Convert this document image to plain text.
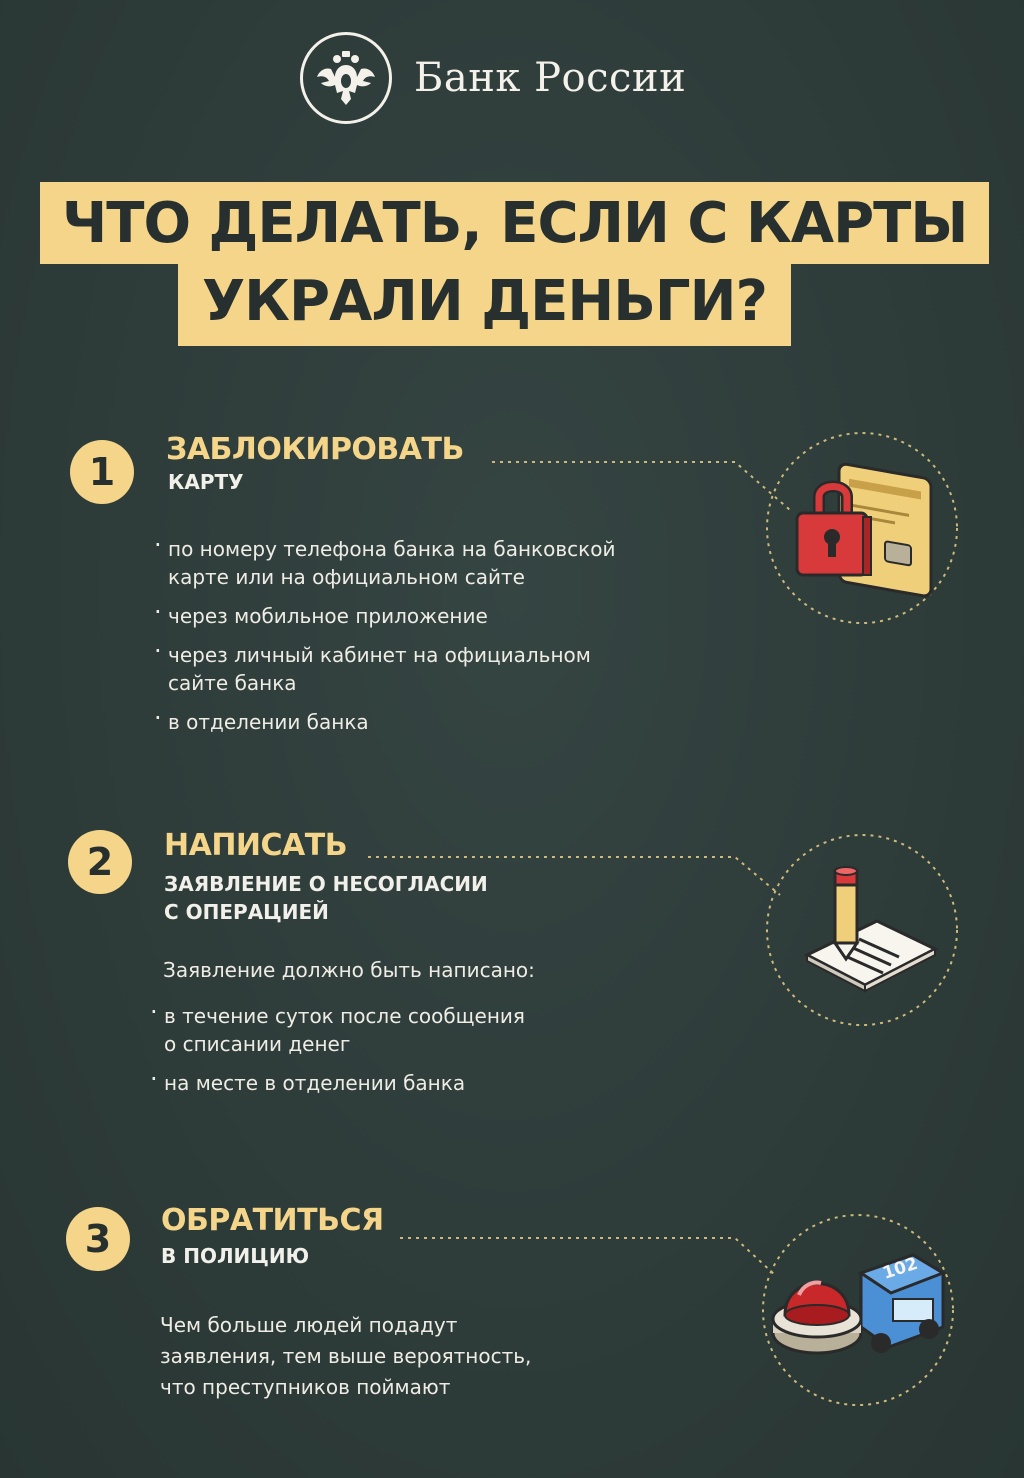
Банк России
ЧТО ДЕЛАТЬ, ЕСЛИ С КАРТЫ
УКРАЛИ ДЕНЬГИ?
1
ЗАБЛОКИРОВАТЬ
КАРТУ
· по номеру телефона банка на банковской
карте или на официальном сайте
· через мобильное приложение
· через личный кабинет на официальном
сайте банка
· в отделении банка
2	НАПИСАТЬ
ЗАЯВЛЕНИЕ О НЕСОГЛАСИИ
С ОПЕРАЦИЕЙ
Заявление должно быть написано:
· в течение суток после сообщения
о списании денег
· на месте в отделении банка
3	ОБРАТИТЬСЯ
В ПОЛИЦИЮ
Чем больше людей подадут
заявления, тем выше вероятность,
что преступников поймают
102
